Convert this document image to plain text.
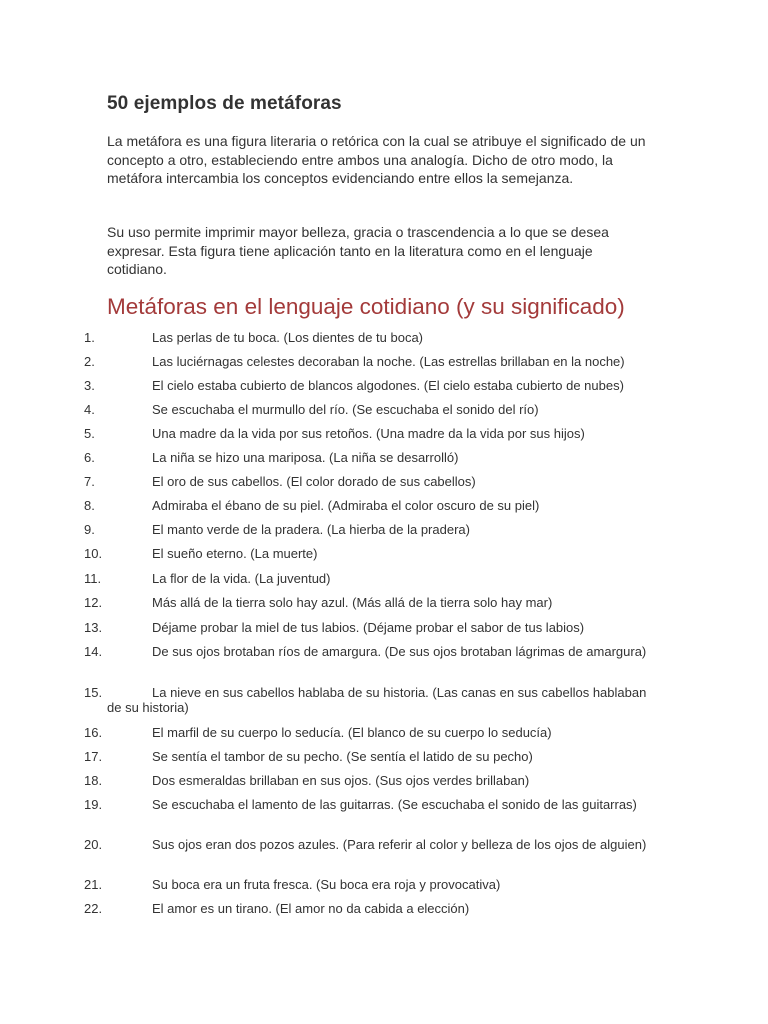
50 ejemplos de metáforas

La metáfora es una figura literaria o retórica con la cual se atribuye el significado de un concepto a otro, estableciendo entre ambos una analogía. Dicho de otro modo, la metáfora intercambia los conceptos evidenciando entre ellos la semejanza.

Su uso permite imprimir mayor belleza, gracia o trascendencia a lo que se desea expresar. Esta figura tiene aplicación tanto en la literatura como en el lenguaje cotidiano.

Metáforas en el lenguaje cotidiano (y su significado)
1.	Las perlas de tu boca. (Los dientes de tu boca)
2.	Las luciérnagas celestes decoraban la noche. (Las estrellas brillaban en la noche)
3.	El cielo estaba cubierto de blancos algodones. (El cielo estaba cubierto de nubes)
4.	Se escuchaba el murmullo del río. (Se escuchaba el sonido del río)
5.	Una madre da la vida por sus retoños. (Una madre da la vida por sus hijos)
6.	La niña se hizo una mariposa. (La niña se desarrolló)
7.	El oro de sus cabellos. (El color dorado de sus cabellos)
8.	Admiraba el ébano de su piel. (Admiraba el color oscuro de su piel)
9.	El manto verde de la pradera. (La hierba de la pradera)
10.	El sueño eterno. (La muerte)
11.	La flor de la vida. (La juventud)
12.	Más allá de la tierra solo hay azul. (Más allá de la tierra solo hay mar)
13.	Déjame probar la miel de tus labios. (Déjame probar el sabor de tus labios)
14.	De sus ojos brotaban ríos de amargura. (De sus ojos brotaban lágrimas de amargura)
15.	La nieve en sus cabellos hablaba de su historia. (Las canas en sus cabellos hablaban de su historia)
16.	El marfil de su cuerpo lo seducía. (El blanco de su cuerpo lo seducía)
17.	Se sentía el tambor de su pecho. (Se sentía el latido de su pecho)
18.	Dos esmeraldas brillaban en sus ojos. (Sus ojos verdes brillaban)
19.	Se escuchaba el lamento de las guitarras. (Se escuchaba el sonido de las guitarras)
20.	Sus ojos eran dos pozos azules. (Para referir al color y belleza de los ojos de alguien)
21.	Su boca era un fruta fresca. (Su boca era roja y provocativa)
22.	El amor es un tirano. (El amor no da cabida a elección)
